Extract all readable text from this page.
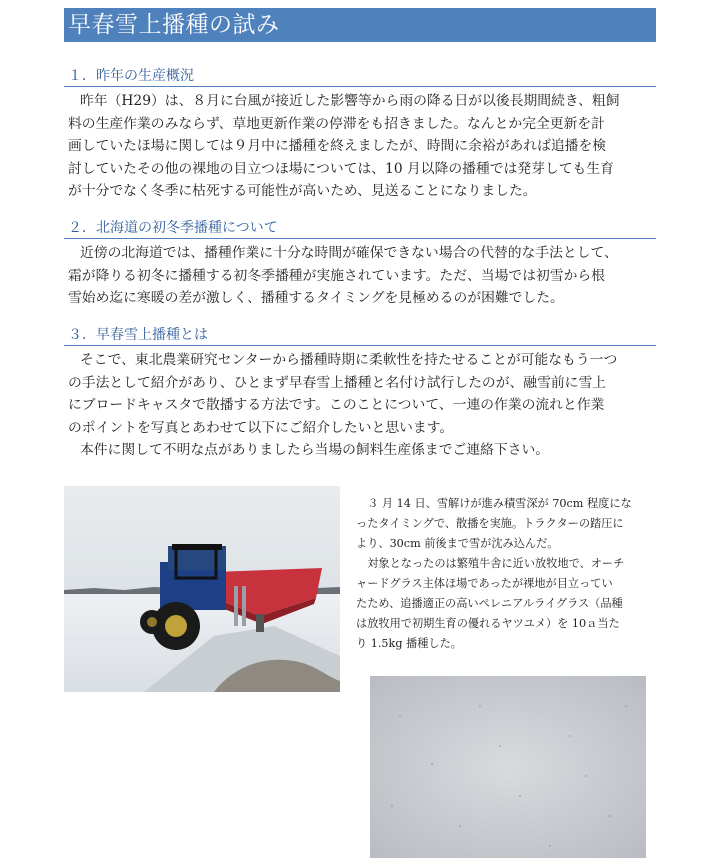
早春雪上播種の試み
１．昨年の生産概況

昨年（H29）は、８月に台風が接近した影響等から雨の降る日が以後長期間続き、粗飼

料の生産作業のみならず、草地更新作業の停滞をも招きました。なんとか完全更新を計

画していたほ場に関しては９月中に播種を終えましたが、時間に余裕があれば追播を検

討していたその他の裸地の目立つほ場については、10 月以降の播種では発芽しても生育

が十分でなく冬季に枯死する可能性が高いため、見送ることになりました。

２．北海道の初冬季播種について

近傍の北海道では、播種作業に十分な時間が確保できない場合の代替的な手法として、

霜が降りる初冬に播種する初冬季播種が実施されています。ただ、当場では初雪から根

雪始め迄に寒暖の差が激しく、播種するタイミングを見極めるのが困難でした。

３．早春雪上播種とは

そこで、東北農業研究センターから播種時期に柔軟性を持たせることが可能なもう一つ

の手法として紹介があり、ひとまず早春雪上播種と名付け試行したのが、融雪前に雪上

にブロードキャスタで散播する方法です。このことについて、一連の作業の流れと作業

のポイントを写真とあわせて以下にご紹介したいと思います。

本件に関して不明な点がありましたら当場の飼料生産係までご連絡下さい。

３ 月 14 日、雪解けが進み積雪深が 70cm 程度にな

ったタイミングで、散播を実施。トラクターの踏圧に

より、30cm 前後まで雪が沈み込んだ。

対象となったのは繁殖牛舎に近い放牧地で、オーチ

ャードグラス主体ほ場であったが裸地が目立ってい

たため、追播適正の高いペレニアルライグラス（品種

は放牧用で初期生育の優れるヤツユメ）を 10ａ当た

り 1.5kg 播種した。
